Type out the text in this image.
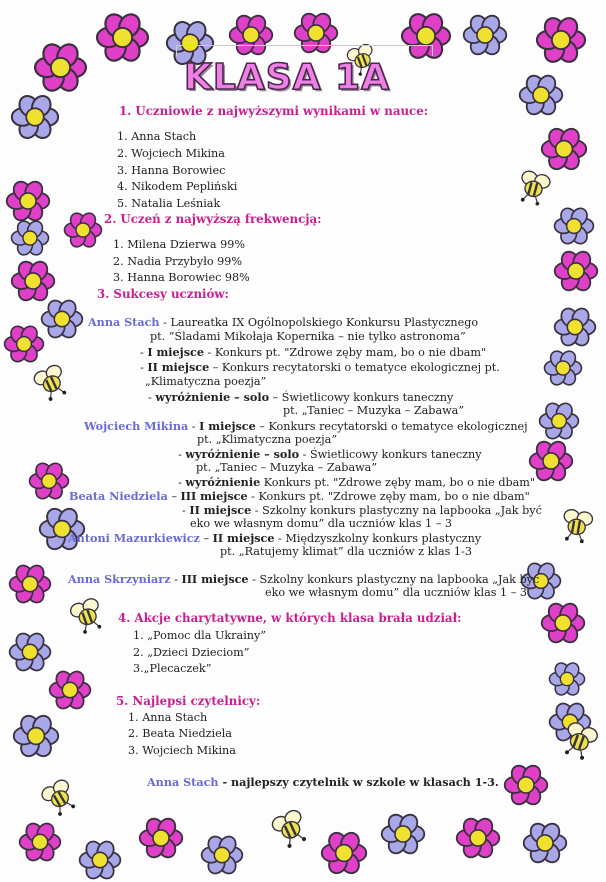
KLASA 1A
1. Uczniowie z najwyższymi wynikami w nauce:
1. Anna Stach
2. Wojciech Mikina
3. Hanna Borowiec
4. Nikodem Pepliński
5. Natalia Leśniak
2. Uczeń z najwyższą frekwencją:
1. Milena Dzierwa 99%
2. Nadia Przybyło 99%
3. Hanna Borowiec 98%
3. Sukcesy uczniów:
Anna Stach - Laureatka IX Ogólnopolskiego Konkursu Plastycznego
pt. ”Śladami Mikołaja Kopernika – nie tylko astronoma”
- I miejsce - Konkurs pt. "Zdrowe zęby mam, bo o nie dbam"
- II miejsce – Konkurs recytatorski o tematyce ekologicznej pt.
„Klimatyczna poezja”
- wyróżnienie – solo – Świetlicowy konkurs taneczny
pt. „Taniec – Muzyka – Zabawa”
Wojciech Mikina - I miejsce – Konkurs recytatorski o tematyce ekologicznej
pt. „Klimatyczna poezja”
- wyróżnienie – solo - Świetlicowy konkurs taneczny
pt. „Taniec – Muzyka – Zabawa”
- wyróżnienie Konkurs pt. "Zdrowe zęby mam, bo o nie dbam"
Beata Niedziela – III miejsce - Konkurs pt. "Zdrowe zęby mam, bo o nie dbam"
- II miejsce - Szkolny konkurs plastyczny na lapbooka „Jak być
eko we własnym domu” dla uczniów klas 1 – 3
Antoni Mazurkiewicz – II miejsce - Międzyszkolny konkurs plastyczny
pt. „Ratujemy klimat” dla uczniów z klas 1-3
Anna Skrzyniarz - III miejsce - Szkolny konkurs plastyczny na lapbooka „Jak być
eko we własnym domu” dla uczniów klas 1 – 3
4. Akcje charytatywne, w których klasa brała udział:
1. „Pomoc dla Ukrainy”
2. „Dzieci Dzieciom”
3.„Plecaczek”
5. Najlepsi czytelnicy:
1. Anna Stach
2. Beata Niedziela
3. Wojciech Mikina
Anna Stach - najlepszy czytelnik w szkole w klasach 1-3.
